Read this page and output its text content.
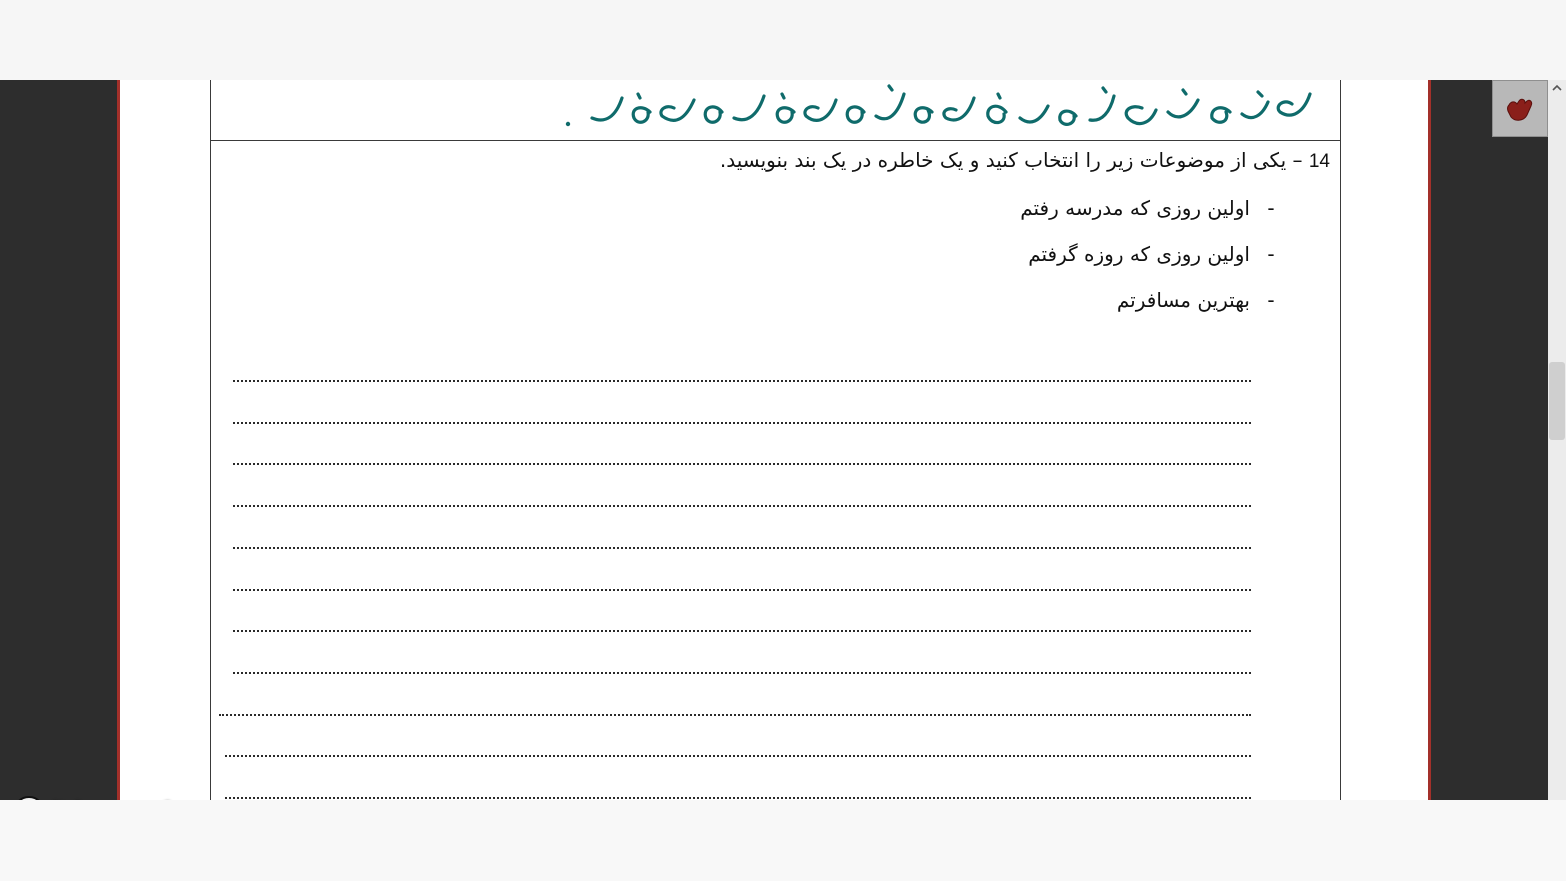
14 – یکی از موضوعات زیر را انتخاب کنید و یک خاطره در یک بند بنویسید.
-اولین روزی که مدرسه رفتم
-اولین روزی که روزه گرفتم
-بهترین مسافرتم
